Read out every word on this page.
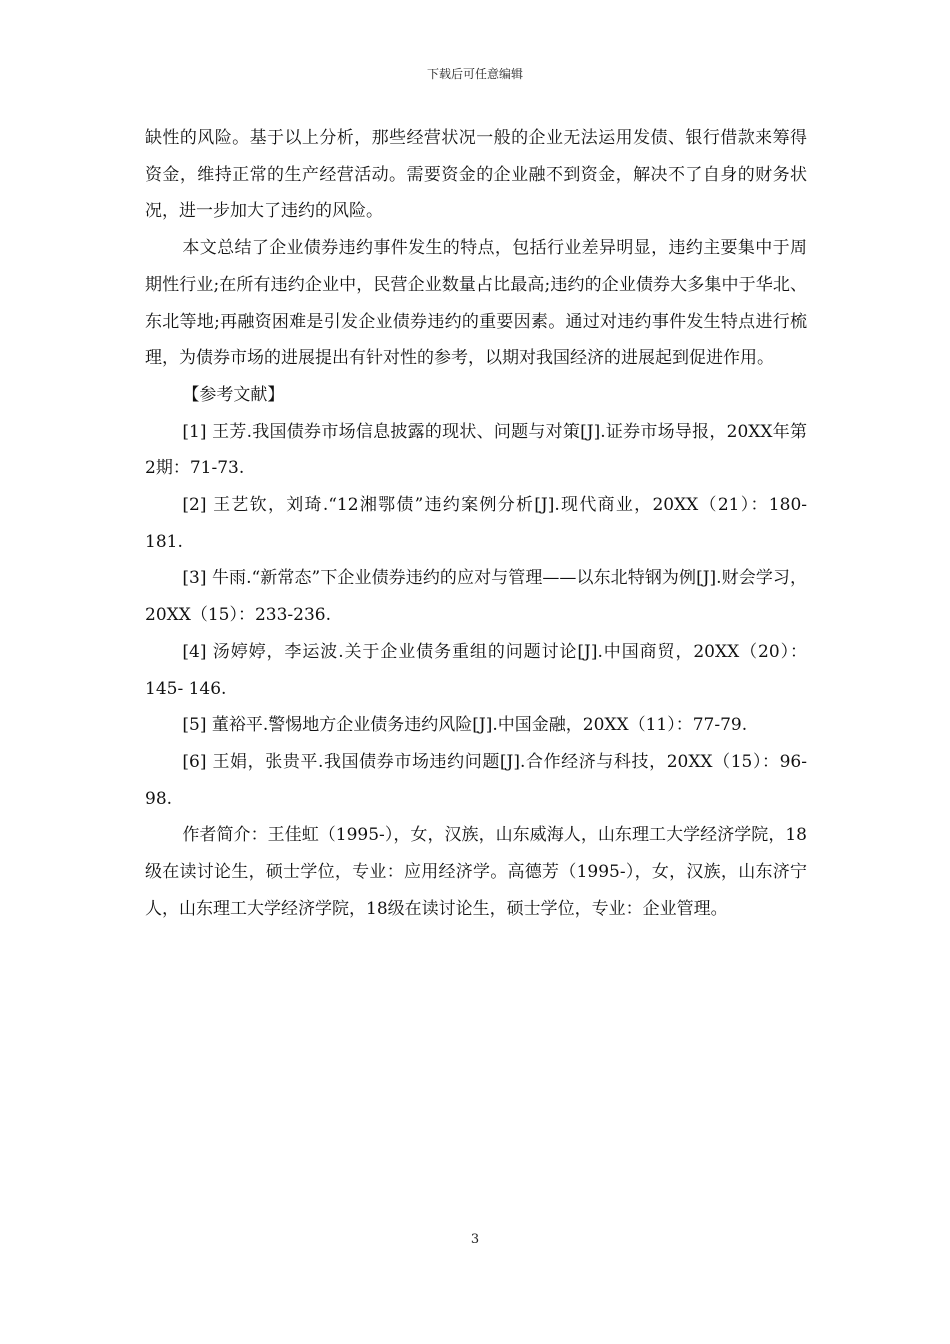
下载后可任意编辑

缺性的风险。基于以上分析，那些经营状况一般的企业无法运用发债、银行借款来筹得资金，维持正常的生产经营活动。需要资金的企业融不到资金，解决不了自身的财务状况，进一步加大了违约的风险。

本文总结了企业债券违约事件发生的特点，包括行业差异明显，违约主要集中于周期性行业;在所有违约企业中，民营企业数量占比最高;违约的企业债券大多集中于华北、东北等地;再融资困难是引发企业债券违约的重要因素。通过对违约事件发生特点进行梳理，为债券市场的进展提出有针对性的参考，以期对我国经济的进展起到促进作用。

【参考文献】

[1] 王芳.我国债券市场信息披露的现状、问题与对策[J].证券市场导报，20XX年第2期：71-73.

[2] 王艺钦，刘琦.“12湘鄂债”违约案例分析[J].现代商业，20XX（21）：180-181.

[3] 牛雨.“新常态”下企业债券违约的应对与管理——以东北特钢为例[J].财会学习，20XX（15）：233-236.

[4] 汤婷婷，李运波.关于企业债务重组的问题讨论[J].中国商贸，20XX（20）：145- 146.

[5] 董裕平.警惕地方企业债务违约风险[J].中国金融，20XX（11）：77-79.

[6] 王娟，张贵平.我国债券市场违约问题[J].合作经济与科技，20XX（15）：96-98.

作者简介：王佳虹（1995-），女，汉族，山东威海人，山东理工大学经济学院，18级在读讨论生，硕士学位，专业：应用经济学。高德芳（1995-），女，汉族，山东济宁人，山东理工大学经济学院，18级在读讨论生，硕士学位，专业：企业管理。

3
